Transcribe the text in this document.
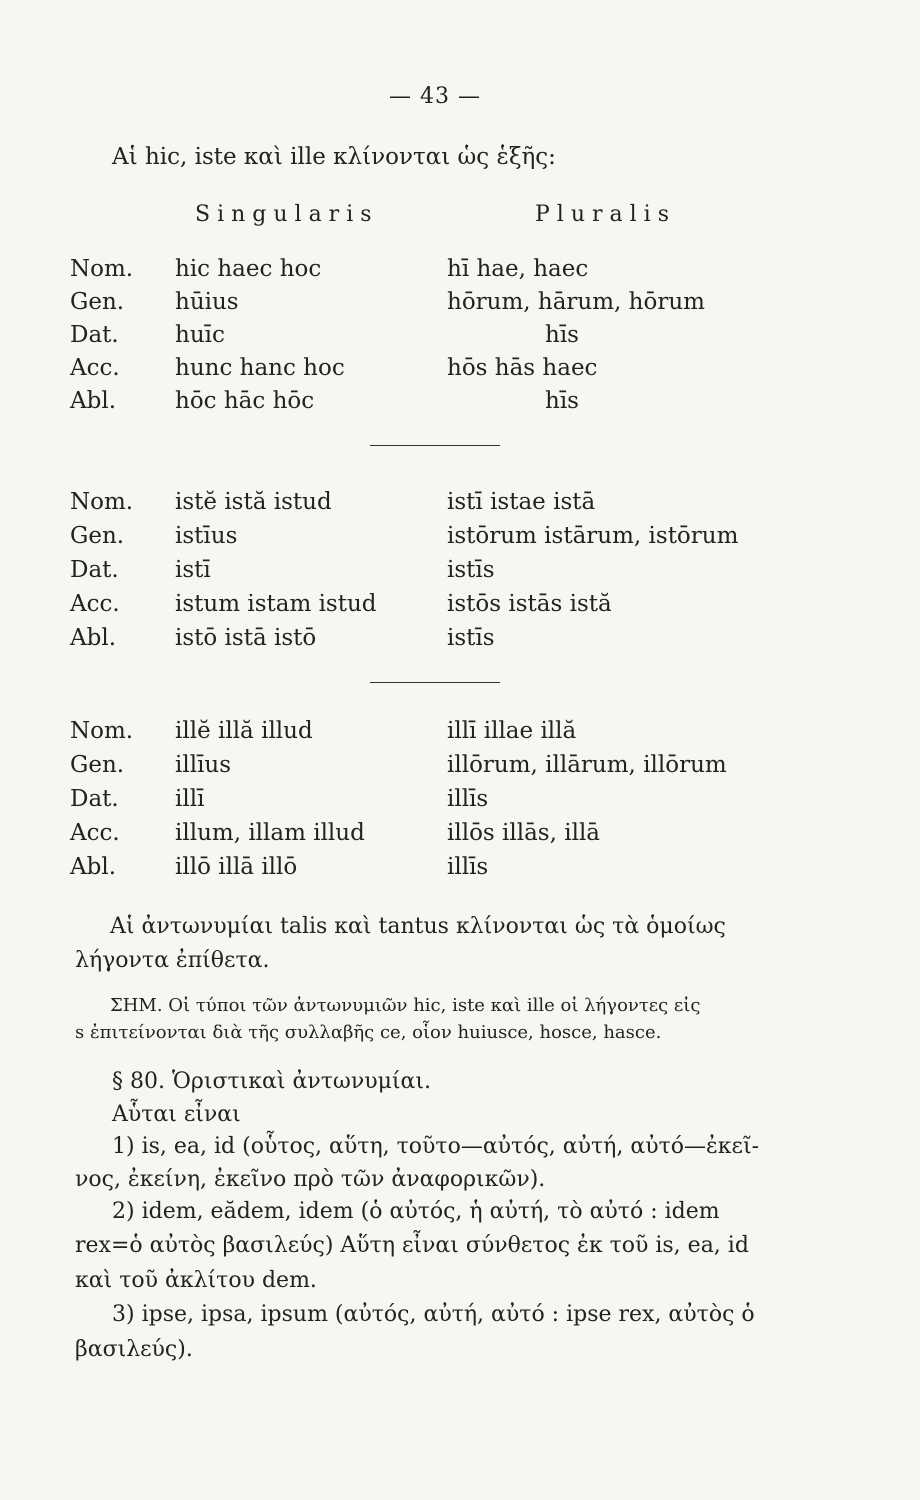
— 43 —
Αἱ hic, iste καὶ ille κλίνονται ὡς ἑξῆς:
Singularis	Pluralis
Nom. hic haec hoc	hī hae, haec
Gen. hūius	hōrum, hārum, hōrum
Dat. huīc	hīs
Acc. hunc hanc hoc	hōs hās haec
Abl.	hōc hāc hōc	hīs
Nom. istĕ istă istud	istī istae istā
Gen. istīus	istōrum istārum, istōrum
Dat. istī	istīs
Acc. istum istam istud	istōs istās istă
Abl.	istō istā istō	istīs
Nom. illĕ illă illud	illī illae illă
Gen. illīus	illōrum, illārum, illōrum
Dat. illī	illīs
Acc. illum, illam illud	illōs illās, illā
Abl.	illō illā illō	illīs
Αἱ ἀντωνυμίαι talis καὶ tantus κλίνονται ὡς τὰ ὁμοίως
λήγοντα ἐπίθετα.
ΣΗΜ. Οἱ τύποι τῶν ἀντωνυμιῶν hic, iste καὶ ille οἱ λήγοντες εἰς
s ἐπιτείνονται διὰ τῆς συλλαβῆς ce, οἷον huiusce, hosce, hasce.
§ 80. Ὁριστικαὶ ἀντωνυμίαι.
Αὗται εἶναι
1) is, ea, id (οὗτος, αὕτη, τοῦτο—αὐτός, αὐτή, αὐτό—ἐκεῖ-
νος, ἐκείνη, ἐκεῖνο πρὸ τῶν ἀναφορικῶν).
2) idem, eădem, idem (ὁ αὐτός, ἡ αὐτή, τὸ αὐτό : idem
rex=ὁ αὐτὸς βασιλεύς) Αὕτη εἶναι σύνθετος ἐκ τοῦ is, ea, id
καὶ τοῦ ἀκλίτου dem.
3) ipse, ipsa, ipsum (αὐτός, αὐτή, αὐτό : ipse rex, αὐτὸς ὁ
βασιλεύς).
